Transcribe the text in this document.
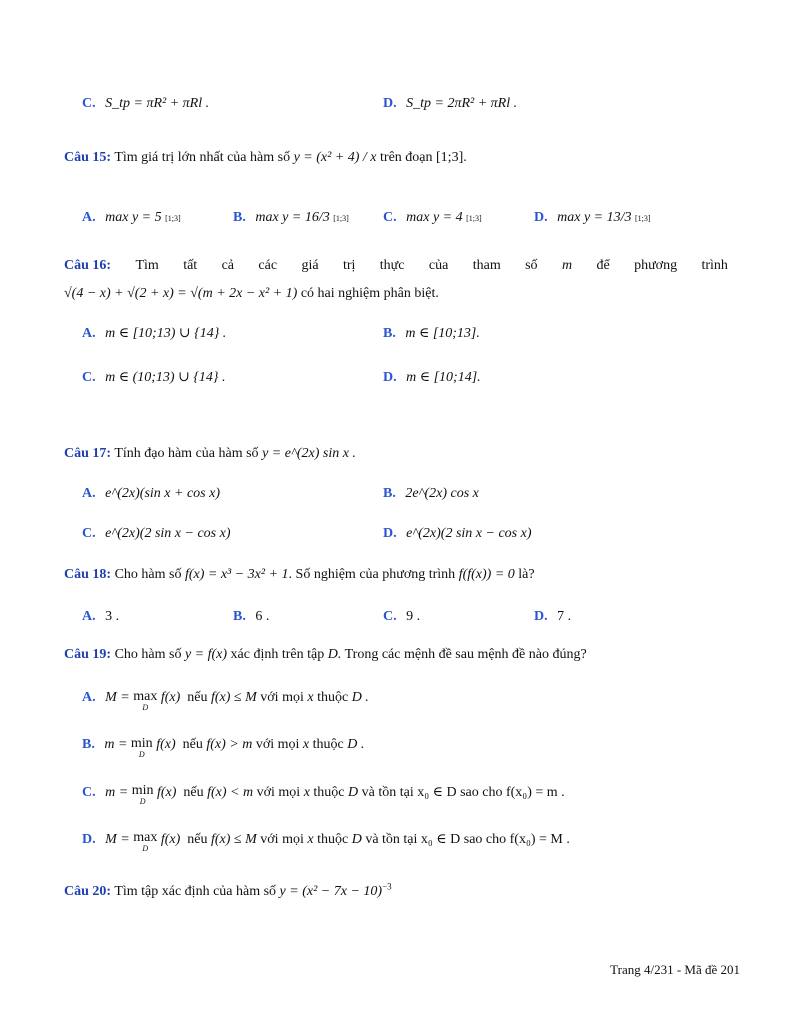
C. S_tp = πR² + πRl .	D. S_tp = 2πR² + πRl .
Câu 15: Tìm giá trị lớn nhất của hàm số y = (x² + 4) / x trên đoạn [1;3].
A. max y = 5 [1;3]	B. max y = 16/3 [1;3] C. max y = 4 [1;3]	D. max y = 13/3 [1;3]
Câu 16: Tìm tất cả các giá trị thực của tham số m để phương trình
√(4 − x) + √(2 + x) = √(m + 2x − x² + 1) có hai nghiệm phân biệt.
A. m ∈ [10;13) ∪ {14} .	B. m ∈ [10;13].
C. m ∈ (10;13) ∪ {14} .	D. m ∈ [10;14].
Câu 17: Tính đạo hàm của hàm số y = e^(2x) sin x .
A. e^(2x)(sin x + cos x)	B. 2e^(2x) cos x
C. e^(2x)(2 sin x − cos x)	D. e^(2x)(2 sin x − cos x)
Câu 18: Cho hàm số f(x) = x³ − 3x² + 1. Số nghiệm của phương trình f(f(x)) = 0 là?
A. 3 .	B. 6 .	C. 9 .	D. 7 .
Câu 19: Cho hàm số y = f(x) xác định trên tập D. Trong các mệnh đề sau mệnh đề nào đúng?
A. M = max
D
f(x) nếu f(x) ≤ M với mọi x thuộc D .
B. m = min
D
f(x) nếu f(x) > m với mọi x thuộc D .
C. m = min
D
f(x) nếu f(x) < m với mọi x thuộc D và tồn tại x₀ ∈ D sao cho f(x₀) = m .
D. M = max
D
f(x) nếu f(x) ≤ M với mọi x thuộc D và tồn tại x₀ ∈ D sao cho f(x₀) = M .
Câu 20: Tìm tập xác định của hàm số $y = (x^2 - 7x - 10)^{-3}$
Trang 4/231 - Mã đề 201
